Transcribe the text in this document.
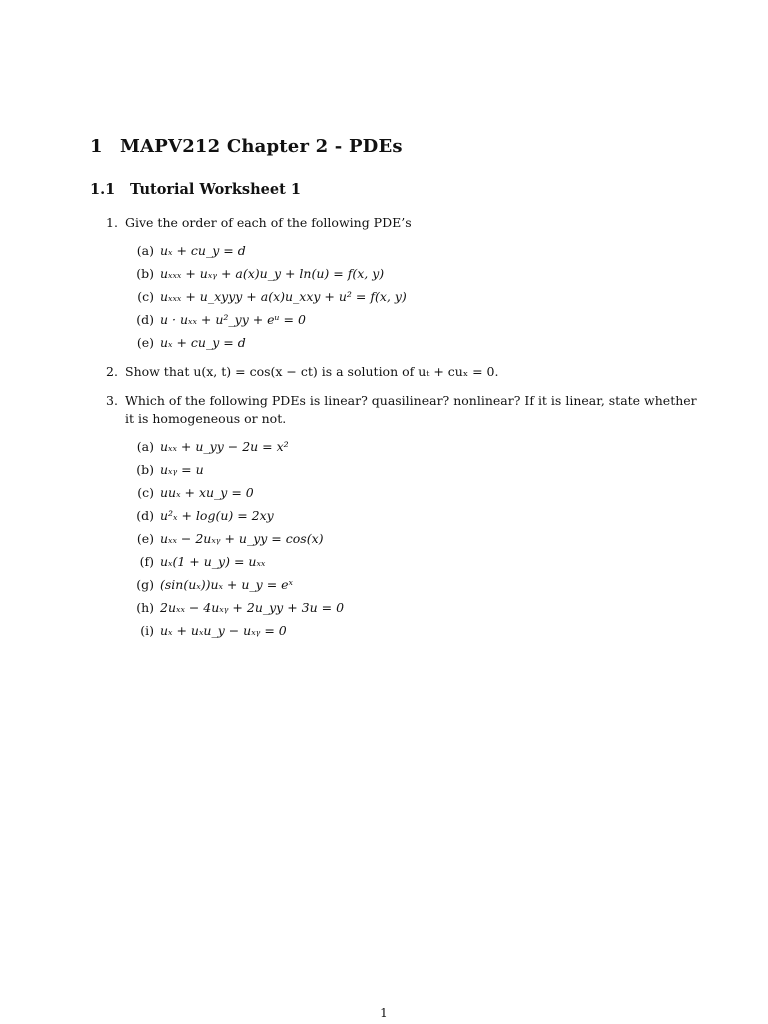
1 MAPV212 Chapter 2 - PDEs
1.1 Tutorial Worksheet 1
1. Give the order of each of the following PDE’s
(a) uₓ + cu_y = d
(b) uₓₓₓ + uₓᵧ + a(x)u_y + ln(u) = f(x, y)
(c) uₓₓₓ + u_xyyy + a(x)u_xxy + u² = f(x, y)
(d) u · uₓₓ + u²_yy + eᵘ = 0
(e) uₓ + cu_y = d
2. Show that u(x, t) = cos(x − ct) is a solution of uₜ + cuₓ = 0.
3. Which of the following PDEs is linear? quasilinear? nonlinear? If it is linear, state whether it is homogeneous or not.
(a) uₓₓ + u_yy − 2u = x²
(b) uₓᵧ = u
(c) uuₓ + xu_y = 0
(d) u²ₓ + log(u) = 2xy
(e) uₓₓ − 2uₓᵧ + u_yy = cos(x)
(f) uₓ(1 + u_y) = uₓₓ
(g) (sin(uₓ))uₓ + u_y = eˣ
(h) 2uₓₓ − 4uₓᵧ + 2u_yy + 3u = 0
(i) uₓ + uₓu_y − uₓᵧ = 0
1
